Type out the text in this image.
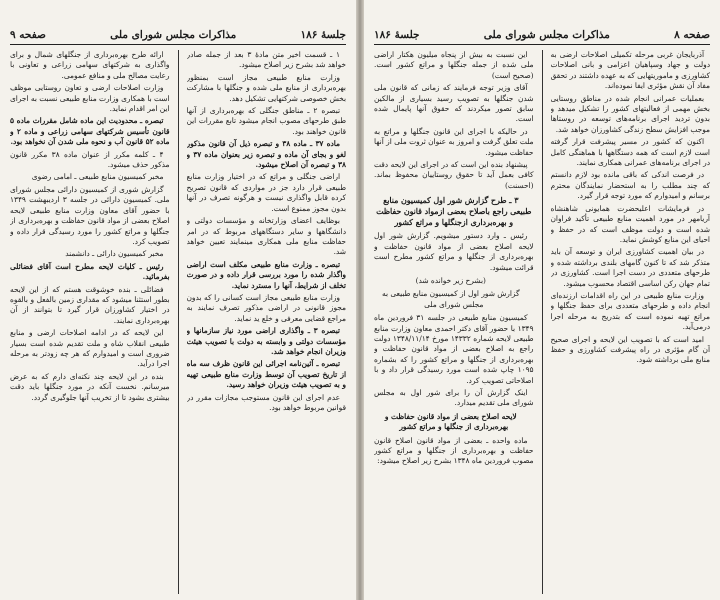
صفحه ۸
مذاکرات مجلس شورای ملی
جلسهٔ ۱۸۶

آذربایجان غربی مرحله تکمیلی اصلاحات ارضی به دولت و جهاد وسپاهیان اعزامی و بانی اصلاحات کشاورزی و ماموریتهایی که به عهده داشتند در تحقق مفاد آن نقش مؤثری ایفا نموده‌اند.

بعملیات عمرانی انجام شده در مناطق روستایی بخش مهمی از فعالیتهای کشور را تشکیل میدهد و بدون تردید اجرای برنامه‌های توسعه در روستاها موجب افزایش سطح زندگی کشاورزان خواهد شد.

اکنون که کشور در مسیر پیشرفت قرار گرفته است لازم است که همه دستگاهها با هماهنگی کامل در اجرای برنامه‌های عمرانی همکاری نمایند.

در فرصت اندکی که باقی مانده بود لازم دانستم که چند مطلب را به استحضار نمایندگان محترم برسانم و امیدوارم که مورد توجه قرار گیرد.

در فرمایشات اعلیحضرت همایونی شاهنشاه آریامهر در مورد اهمیت منابع طبیعی تأکید فراوان شده است و دولت موظف است که در حفظ و احیای این منابع کوشش نماید.

در بیان اهمیت کشاورزی ایران و توسعه آن باید متذکر شد که تا کنون گامهای بلندی برداشته شده و طرحهای متعددی در دست اجرا است. کشاورزی در تمام جهان رکن اساسی اقتصاد محسوب میشود.

وزارت منابع طبیعی در این راه اقدامات ارزنده‌ای انجام داده و طرحهای متعددی برای حفظ جنگلها و مراتع تهیه نموده است که بتدریج به مرحله اجرا درمی‌آید.

امید است که با تصویب این لایحه و اجرای صحیح آن گام مؤثری در راه پیشرفت کشاورزی و حفظ منابع ملی برداشته شود.

این نسبت به بیش از پنجاه میلیون هکتار اراضی ملی شده از جمله جنگلها و مراتع کشور است. (صحیح است)

آقای وزیر توجه فرمایند که زمانی که قانون ملی شدن جنگلها به تصویب رسید بسیاری از مالکین سابق تصور میکردند که حقوق آنها پایمال شده است.

در حالیکه با اجرای این قانون جنگلها و مراتع به ملت تعلق گرفت و امروز به عنوان ثروت ملی از آنها حفاظت میشود.

پیشنهاد بنده این است که در اجرای این لایحه دقت کافی بعمل آید تا حقوق روستاییان محفوظ بماند. (احسنت)

۳ ـ طرح گزارش شور اول کمیسیون منابع طبیعی راجع باصلاح بعضی ازمواد قانون حفاظت و بهره‌برداری ازجنگلها و مراتع کشور

رئیس ـ وارد دستور میشویم. گزارش شور اول لایحه اصلاح بعضی از مواد قانون حفاظت و بهره‌برداری از جنگلها و مراتع کشور مطرح است قرائت میشود.

(بشرح زیر خوانده شد)

گزارش شور اول از کمیسیون منابع طبیعی به مجلس شورای ملی

کمیسیون منابع طبیعی در جلسه ۳۱ فروردین ماه ۱۳۴۹ با حضور آقای دکتر احمدی معاون وزارت منابع طبیعی لایحه شماره ۱۴۳۳۲ مورخ ۱۳۴۸/۱۱/۱۴ دولت راجع به اصلاح بعضی از مواد قانون حفاظت و بهره‌برداری از جنگلها و مراتع کشور را که بشماره ۱۰۹۵ چاپ شده است مورد رسیدگی قرار داد و با اصلاحاتی تصویب کرد.

اینک گزارش آن را برای شور اول به مجلس شورای ملی تقدیم میدارد.

لایحه اصلاح بعضی از مواد قانون حفاظت و بهره‌برداری از جنگلها و مراتع کشور

ماده واحده ـ بعضی از مواد قانون اصلاح قانون حفاظت و بهره‌برداری از جنگلها و مراتع کشور مصوب فروردین ماه ۱۳۴۸ بشرح زیر اصلاح میشود:

جلسهٔ ۱۸۶
مذاکرات مجلس شورای ملی
صفحه ۹

۱ ـ قسمت اخیر متن مادهٔ ۳ بعد از جمله صادر خواهد شد بشرح زیر اصلاح میشود.

وزارت منابع طبیعی مجاز است بمنظور بهره‌برداری از منابع ملی شده و جنگلها با مشارکت بخش خصوصی شرکتهایی تشکیل دهد.

تبصره ۲ ـ مناطق جنگلی که بهره‌برداری از آنها طبق طرحهای مصوب انجام میشود تابع مقررات این قانون خواهند بود.

ماده ۳۷ ـ ماده ۳۸ و تبصره ذیل آن قانون مذکور لغو و بجای آن ماده و تبصره زیر بعنوان ماده ۳۷ و ۳۸ و تبصره آن اصلاح میشود.

اراضی جنگلی و مراتع که در اختیار وزارت منابع طبیعی قرار دارد جز در مواردی که قانون تصریح کرده قابل واگذاری نیست و هرگونه تصرف در آنها بدون مجوز ممنوع است.

بوظایف اعضای وزارتخانه و مؤسسات دولتی و دانشگاهها و سایر دستگاههای مربوط که در امر حفاظت منابع ملی همکاری مینمایند تعیین خواهد شد.

تبصره ـ وزارت منابع طبیعی مکلف است اراضی واگذار شده را مورد بررسی قرار داده و در صورت تخلف از شرایط، آنها را مسترد نماید.

وزارت منابع طبیعی مجاز است کسانی را که بدون مجوز قانونی در اراضی مذکور تصرف نمایند به مراجع قضایی معرفی و خلع ید نماید.

تبصره ۳ ـ واگذاری اراضی مورد نیاز سازمانها و مؤسسات دولتی و وابسته به دولت با تصویب هیئت وزیران انجام خواهد شد.

تبصره ـ آئین‌نامه اجرائی این قانون ظرف سه ماه از تاریخ تصویب آن توسط وزارت منابع طبیعی تهیه و به تصویب هیئت وزیران خواهد رسید.

عدم اجرای این قانون مستوجب مجازات مقرر در قوانین مربوط خواهد بود.

ارائه طرح بهره‌برداری از جنگلهای شمال و برای واگذاری به شرکتهای سهامی زراعی و تعاونی با رعایت مصالح ملی و منافع عمومی.

وزارت اصلاحات ارضی و تعاون روستایی موظف است با همکاری وزارت منابع طبیعی نسبت به اجرای این امر اقدام نماید.

تبصره ـ محدودیت این ماده شامل مقررات ماده ۵ قانون تأسیس شرکتهای سهامی زراعی و ماده ۲ و ماده ۵۲ قانون آب و نحوه ملی شدن آن نخواهد بود.

۴ ـ کلمه مکرر از عنوان ماده ۳۸ مکرر قانون مذکور حذف میشود.

مخبر کمیسیون منابع طبیعی ـ امامی رضوی

گزارش شوری از کمیسیون دارائی مجلس شورای ملی. کمیسیون دارائی در جلسه ۳ اردیبهشت ۱۳۴۹ با حضور آقای معاون وزارت منابع طبیعی لایحه اصلاح بعضی از مواد قانون حفاظت و بهره‌برداری از جنگلها و مراتع کشور را مورد رسیدگی قرار داده و تصویب کرد.

مخبر کمیسیون دارائی ـ دانشمند

رئیس ـ کلیات لایحه مطرح است آقای فضائلی بفرمائید.

فضائلی ـ بنده خوشوقت هستم که از این لایحه بطور استثنا میشود که مقداری زمین بالفعل و بالقوه در اختیار کشاورزان قرار گیرد تا بتوانند از آن بهره‌برداری نمایند.

این لایحه که در ادامه اصلاحات ارضی و منابع طبیعی انقلاب شاه و ملت تقدیم شده است بسیار ضروری است و امیدوارم که هر چه زودتر به مرحله اجرا درآید.

بنده در این لایحه چند نکته‌ای دارم که به عرض میرسانم. نخست آنکه در مورد جنگلها باید دقت بیشتری بشود تا از تخریب آنها جلوگیری گردد.
